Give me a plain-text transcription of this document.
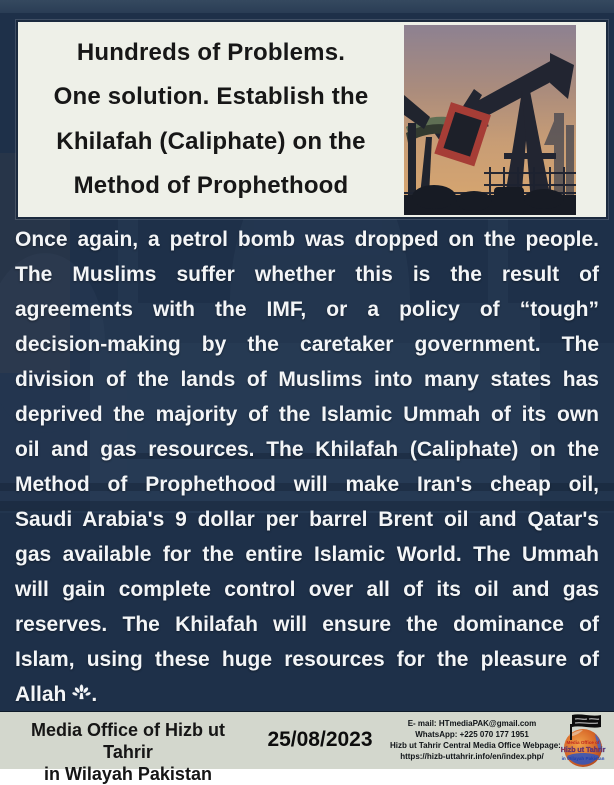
Hundreds of Problems.
One solution. Establish the
Khilafah (Caliphate) on the
Method of Prophethood
Once again, a petrol bomb was dropped on the people.
The Muslims suffer whether this is the result of
agreements with the IMF, or a policy of “tough”
decision-making by the caretaker government. The
division of the lands of Muslims into many states has
deprived the majority of the Islamic Ummah of its own
oil and gas resources. The Khilafah (Caliphate) on the
Method of Prophethood will make Iran's cheap oil,
Saudi Arabia's 9 dollar per barrel Brent oil and Qatar's
gas available for the entire Islamic World. The Ummah
will gain complete control over all of its oil and gas
reserves. The Khilafah will ensure the dominance of
Islam, using these huge resources for the pleasure of
Allah .
Media Office of Hizb ut Tahrir
in Wilayah Pakistan
25/08/2023
E- mail: HTmediaPAK@gmail.com
WhatsApp: +225 070 177 1951
Hizb ut Tahrir Central Media Office Webpage:
https://hizb-uttahrir.info/en/index.php/
Media Office of
Hizb ut Tahrir
in Wilayah Pakistan
